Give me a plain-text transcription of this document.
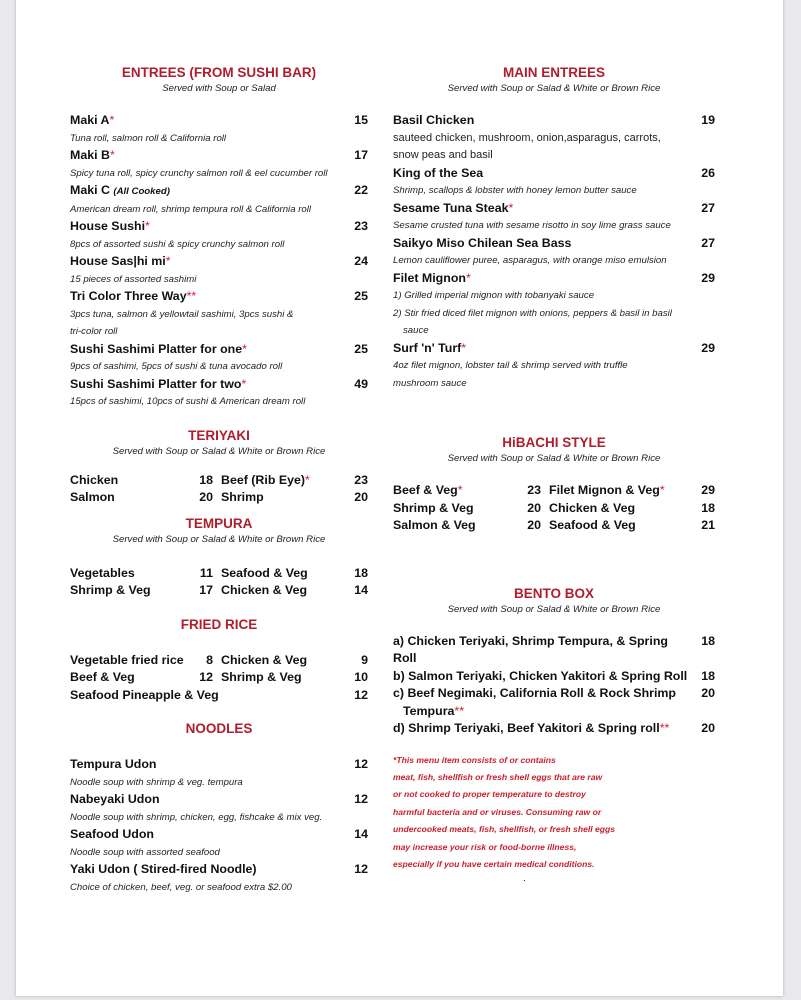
ENTREES (FROM SUSHI BAR)
Served with Soup or Salad
Maki A*	15
Tuna roll, salmon roll & California roll
Maki B*	17
Spicy tuna roll, spicy crunchy salmon roll & eel cucumber roll
Maki C (All Cooked)	22
American dream roll, shrimp tempura roll & California roll
House Sushi*	23
8pcs of assorted sushi & spicy crunchy salmon roll
House Sas|hi mi*	24
15 pieces of assorted sashimi
Tri Color Three Way**	25
3pcs tuna, salmon & yellowtail sashimi, 3pcs sushi &
tri-color roll
Sushi Sashimi Platter for one*	25
9pcs of sashimi, 5pcs of sushi & tuna avocado roll
Sushi Sashimi Platter for two*	49
15pcs of sashimi, 10pcs of sushi & American dream roll
TERIYAKI
Served with Soup or Salad & White or Brown Rice
Chicken	18 Beef (Rib Eye)*	23
Salmon	20 Shrimp	20
TEMPURA
Served with Soup or Salad & White or Brown Rice
Vegetables	11 Seafood & Veg	18
Shrimp & Veg	17 Chicken & Veg	14
FRIED RICE
Vegetable fried rice 8 Chicken & Veg	9
Beef & Veg	12 Shrimp & Veg	10
Seafood Pineapple & Veg	12
NOODLES
Tempura Udon	12
Noodle soup with shrimp & veg. tempura
Nabeyaki Udon	12
Noodle soup with shrimp, chicken, egg, fishcake & mix veg.
Seafood Udon	14
Noodle soup with assorted seafood
Yaki Udon ( Stired-fired Noodle)	12
Choice of chicken, beef, veg. or seafood extra $2.00
MAIN ENTREES
Served with Soup or Salad & White or Brown Rice
Basil Chicken	19
sauteed chicken, mushroom, onion,asparagus, carrots,
snow peas and basil
King of the Sea	26
Shrimp, scallops & lobster with honey lemon butter sauce
Sesame Tuna Steak*	27
Sesame crusted tuna with sesame risotto in soy lime grass sauce
Saikyo Miso Chilean Sea Bass	27
Lemon cauliflower puree, asparagus, with orange miso emulsion
Filet Mignon*	29
1) Grilled imperial mignon with tobanyaki sauce
2) Stir fried diced filet mignon with onions, peppers & basil in basil
sauce
Surf 'n' Turf*	29
4oz filet mignon, lobster tail & shrimp served with truffle
mushroom sauce
HiBACHI STYLE
Served with Soup or Salad & White or Brown Rice
Beef & Veg*	23 Filet Mignon & Veg*	29
Shrimp & Veg	20 Chicken & Veg	18
Salmon & Veg	20 Seafood & Veg	21
BENTO BOX
Served with Soup or Salad & White or Brown Rice
a) Chicken Teriyaki, Shrimp Tempura, & Spring Roll
18
b) Salmon Teriyaki, Chicken Yakitori & Spring Roll	18
c) Beef Negimaki, California Roll & Rock Shrimp	20
Tempura**
d) Shrimp Teriyaki, Beef Yakitori & Spring roll**	20
*This menu item consists of or contains
meat, fish, shellfish or fresh shell eggs that are raw
or not cooked to proper temperature to destroy
harmful bacteria and or viruses. Consuming raw or
undercooked meats, fish, shellfish, or fresh shell eggs
may increase your risk or food-borne illness,
especially if you have certain medical conditions.
.
